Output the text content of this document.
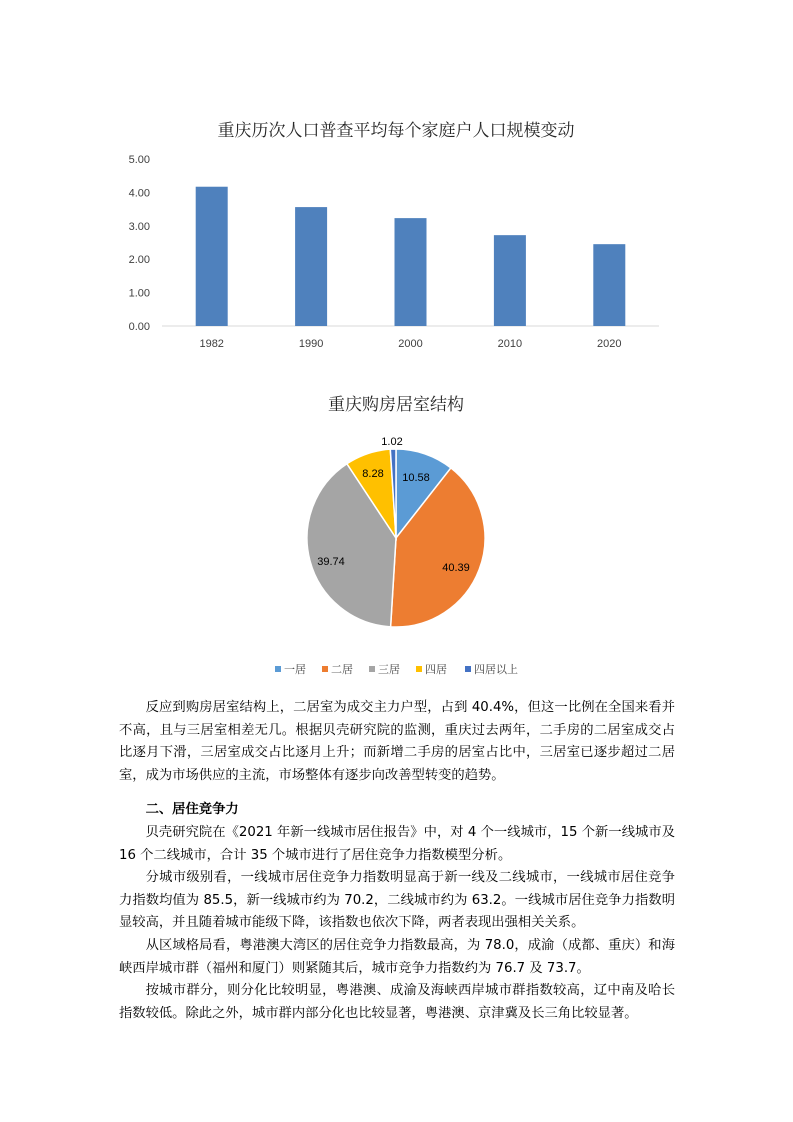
重庆历次人口普查平均每个家庭户人口规模变动
0.00
1.00
2.00
3.00
4.00
5.00
1982	1990	2000	2010	2020
重庆购房居室结构
10.58
40.39
39.74
8.28
1.02
一居 二居 三居 四居 四居以上

反应到购房居室结构上，二居室为成交主力户型，占到 40.4%，但这一比例在全国来看并不高，且与三居室相差无几。根据贝壳研究院的监测，重庆过去两年，二手房的二居室成交占比逐月下滑，三居室成交占比逐月上升；而新增二手房的居室占比中，三居室已逐步超过二居室，成为市场供应的主流，市场整体有逐步向改善型转变的趋势。

二、居住竞争力

贝壳研究院在《2021 年新一线城市居住报告》中，对 4 个一线城市，15 个新一线城市及 16 个二线城市，合计 35 个城市进行了居住竞争力指数模型分析。

分城市级别看，一线城市居住竞争力指数明显高于新一线及二线城市，一线城市居住竞争力指数均值为 85.5，新一线城市约为 70.2，二线城市约为 63.2。一线城市居住竞争力指数明显较高，并且随着城市能级下降，该指数也依次下降，两者表现出强相关关系。

从区域格局看，粤港澳大湾区的居住竞争力指数最高，为 78.0，成渝（成都、重庆）和海峡西岸城市群（福州和厦门）则紧随其后，城市竞争力指数约为 76.7 及 73.7。

按城市群分，则分化比较明显，粤港澳、成渝及海峡西岸城市群指数较高，辽中南及哈长指数较低。除此之外，城市群内部分化也比较显著，粤港澳、京津冀及长三角比较显著。
